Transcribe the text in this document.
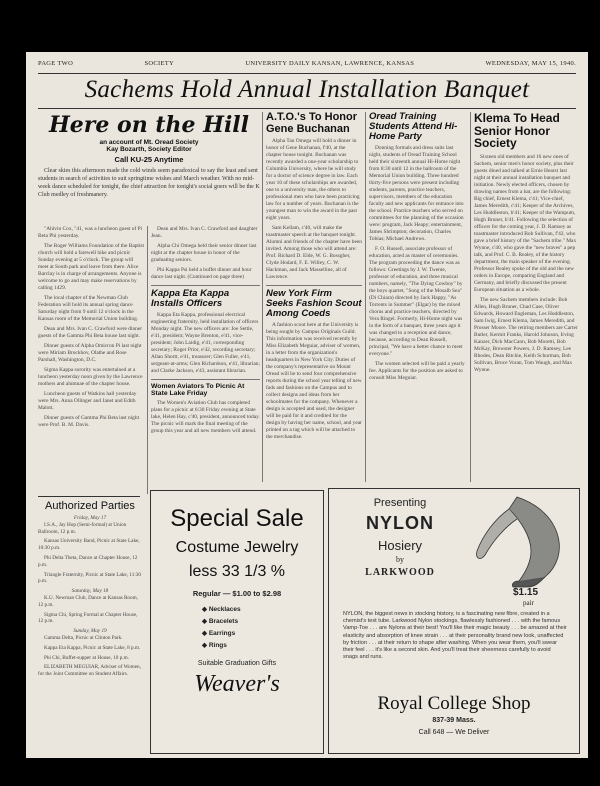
PAGE TWO	SOCIETY	UNIVERSITY DAILY KANSAN, LAWRENCE, KANSAS	WEDNESDAY, MAY 15, 1940.
Sachems Hold Annual Installation Banquet
Here on the Hill
an account of Mt. Oread Society
Kay Bozarth, Society Editor
Call KU-25 Anytime

Clear skies this afternoon made the cold winds seem paradoxical to say the least and sent students in search of activities to suit springtime wishes and March weather. With no mid-week dance scheduled for tonight, the chief attraction for tonight's social goers will be the K Club medley of freshmanery.

"Ahlvin Cox, "41, was a luncheon guest of Pi Beta Phi yesterday.

The Roger Williams Foundation of the Baptist church will hold a farewell hike and picnic Sunday evening at 5 o'clock. The group will meet at South park and leave from there. Alice Barclay is in charge of arrangements. Anyone is welcome to go and may make reservations by calling 1429.

The local chapter of the Newman Club Federation will hold its annual spring dance Saturday night from 9 until 12 o'clock in the Kansas room of the Memorial Union building.

Dean and Mrs. Ivan C. Crawford were dinner guests of the Gamma Phi Beta house last night.

Dinner guests of Alpha Omicron Pi last night were Miriam Brockhov, Olathe and Rose Parshall, Washington, D.C.

Sigma Kappa sorority was entertained at a luncheon yesterday noon given by the Lawrence mothers and alumnae of the chapter house.

Luncheon guests of Watkins hall yesterday were Mrs. Anna Ollinger and Janet and Edith Malott.

Dinner guests of Gamma Phi Beta last night were Prof. B. M. Davis.

Dean and Mrs. Ivan C. Crawford and daughter Jean.

Alpha Chi Omega held their senior dinner last night at the chapter house in honor of the graduating seniors.

Phi Kappa Psi held a buffet dinner and hour dance last night. (Continued on page three)

Kappa Eta Kappa Installs Officers

Kappa Eta Kappa, professional electrical engineering fraternity, held installation of officers Monday night. The new officers are: Joe Settle, e'41, president; Wayne Brenton, e'41, vice-president; John Laidig, e'41, corresponding secretary; Roger Prior, e'42, recording secretary; Allan Shortt, e'41, treasurer; Glen Fuller, e'41, sergeant-at-arms; Glen Richardson, e'41, librarian; and Clarke Jackson, e'43, assistant librarian.

Women Aviators To Picnic At State Lake Friday

The Women's Aviation Club has completed plans for a picnic at 6:30 Friday evening at State lake, Helen Hay, c'40, president, announced today. The picnic will mark the final meeting of the group this year and all new members will attend.

Authorized Parties
Friday, May 17

I.S.A., Jay Hop (Semi-formal) at Union Ballroom, 12 p.m.

Kansas University Band, Picnic at State Lake, 10:30 p.m.

Phi Delta Theta, Dance at Chapter House, 12 p.m.

Triangle Fraternity, Picnic at State Lake, 11:30 p.m.

Saturday, May 18

K.U. Newman Club, Dance at Kansas Room, 12 p.m.

Sigma Chi, Spring Formal at Chapter House, 12 p.m.

Sunday, May 19

Gamma Delta, Picnic at Clinton Park.

Kappa Eta Kappa, Picnic at State Lake, 8 p.m.

Phi Chi, Buffet-supper at House, 10 p.m.

ELIZABETH MEGUIAR, Adviser of Women, for the Joint Committee on Student Affairs.

A.T.O.'s To Honor Gene Buchanan

Alpha Tau Omega will hold a dinner in honor of Gene Buchanan, f'40, at the chapter house tonight. Buchanan was recently awarded a one-year scholarship to Columbia University, where he will study for a doctor of science degree in law. Each year 10 of these scholarships are awarded, one to a university man, the others to professional men who have been practicing law for a number of years. Buchanan is the youngest man to win the award in the past eight years.

Sam Kellam, c'40, will make the toastmaster speech at the banquet tonight. Alumni and friends of the chapter have been invited. Among those who will attend are: Prof. Richard D. Elde, W. G. Bossgher, Clyde Hodard, F. E. Willey, C. W. Hackman, and Jack Masselline, all of Lawrence.

New York Firm Seeks Fashion Scout Among Coeds

A fashion scout here at the University is being sought by Campus Originals Guild. This information was received recently by Miss Elizabeth Meguiar, adviser of women, in a letter from the organization's headquarters in New York City. Duties of the company's representative on Mount Oread will be to send four comprehensive reports during the school year telling of new fads and fashions on the Campus and to collect designs and ideas from her schoolmates for the company. Whenever a design is accepted and used, the designer will be paid for it and credited for the design by having her name, school, and year printed on a tag which will be attached to the merchandise.

Oread Training Students Attend Hi-Home Party

Donning formals and dress suits last night, students of Oread Training School held their sixteenth annual Hi-Home night from 8:30 until 12 in the ballroom of the Memorial Union building. Three hundred thirty-five persons were present including students, parents, practice teachers, supervisors, members of the education faculty and new applicants for entrance into the school. Practice teachers who served on committees for the planning of the occasion were: program, Jack Heapy; entertainment, James Shrimpton; decoration, Charles Tobias; Michael Andrews.

F. O. Russell, associate professor of education, acted as master of ceremonies. The program proceeding the dance was as follows: Greetings by J. W. Twente, professor of education, and three musical numbers, namely, "The Dying Cowboy" by the boys quartet, "Song of the Mosalb Sea" (Di Chiara) directed by Jack Happy, "As Torrents in Summer" (Elgar) by the mixed chorus and practice teachers, directed by Vera Ringel. Formerly, Hi-Home night was in the form of a banquet, three years ago it was changed to a reception and dance, because, according to Dean Russell, principal, "We have a better chance to meet everyone."

The women selected will be paid a yearly fee. Applicants for the position are asked to consult Miss Meguiar.

Klema To Head Senior Honor Society

Sixteen old members and 16 new ones of Sachem, senior men's honor society, plus their guests dined and talked at Ernie Hearst last night at their annual installation banquet and initiation. Newly elected officers, chosen by drawing names from a hat, are the following: Big chief, Ernest Klema, c'41; Vice-chief, James Meredith, c'41; Keeper of the Archives, Les Huddleston, b'41; Keeper of the Wampum, Hugh Bruner, b'41. Following the selection of officers for the coming year, J. D. Ramsey as toastmaster introduced Bob Sullivan, f'42, who gave a brief history of the "Sachem tribe." Max Wynne, c'40, who gave the "new braves" a pep talk, and Prof. C. B. Realey, of the history department, the main speaker of the evening. Professor Realey spoke of the old and the new orders in Europe, comparing England and Germany, and briefly discussed the present European situation as a whole.

The new Sachem members include: Bob Allen, Hugh Bruner, Chad Case, Oliver Edwards, Howard Engleman, Les Huddleston, Sam Iwig, Ernest Klema, James Meredith, and Prosser Moore. The retiring members are Carter Butler, Kermit Franks, Harold Johnson, Irving Kanzer, Dick MacCann, Bob Moretti, Bob McKay, Brewster Powers, J. D. Ramsey, Lee Rhodes, Dean Ritchie, Keith Schurman, Bob Sullivan, Bruce Voran, Tom Waugh, and Max Wynne.

Special Sale
Costume Jewelry
less 33 1/3 %
Regular — $1.00 to $2.98
◆ Necklaces
◆ Bracelets
◆ Earrings
◆ Rings
Suitable Graduation Gifts
Weaver's
Presenting
NYLON
Hosiery
by
LARKWOOD
$1.15
pair
NYLON, the biggest news in stocking history, is a fascinating new fibre, created in a chemist's test tube. Larkwood Nylon stockings, flawlessly fashioned . . . with the famous Vamp-Toe . . . are Nylons at their best! You'll like their magic beauty . . . be amazed at their elasticity and absorption of knee strain . . . at their personality brand new look, unaffected by friction . . . at their return to shape after washing. When you wear them, you'll swear their feel . . . it's like a second skin. And you'll treat their sheerness carefully to avoid snags and runs.
Royal College Shop
837-39 Mass.
Call 648 — We Deliver
